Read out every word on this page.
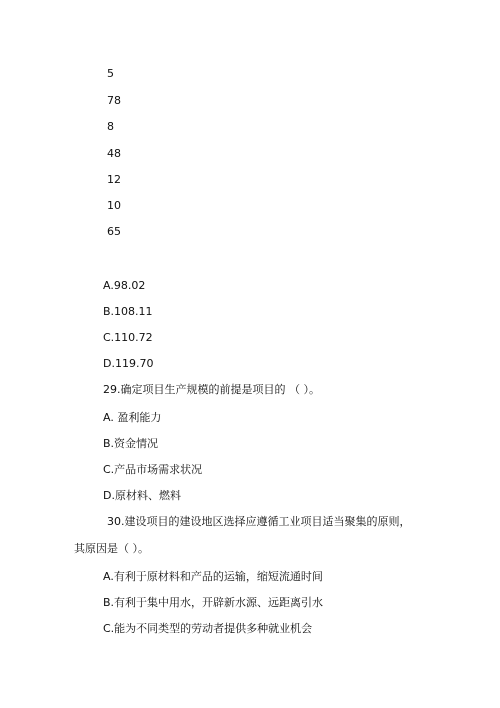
5
78
8
48
12
10
65
A.98.02
B.108.11
C.110.72
D.119.70
29.确定项目生产规模的前提是项目的 （ ）。
A. 盈利能力
B.资金情况
C.产品市场需求状况
D.原材料、燃料
30.建设项目的建设地区选择应遵循工业项目适当聚集的原则，
其原因是（ ）。
A.有利于原材料和产品的运输，缩短流通时间
B.有利于集中用水，开辟新水源、远距离引水
C.能为不同类型的劳动者提供多种就业机会
